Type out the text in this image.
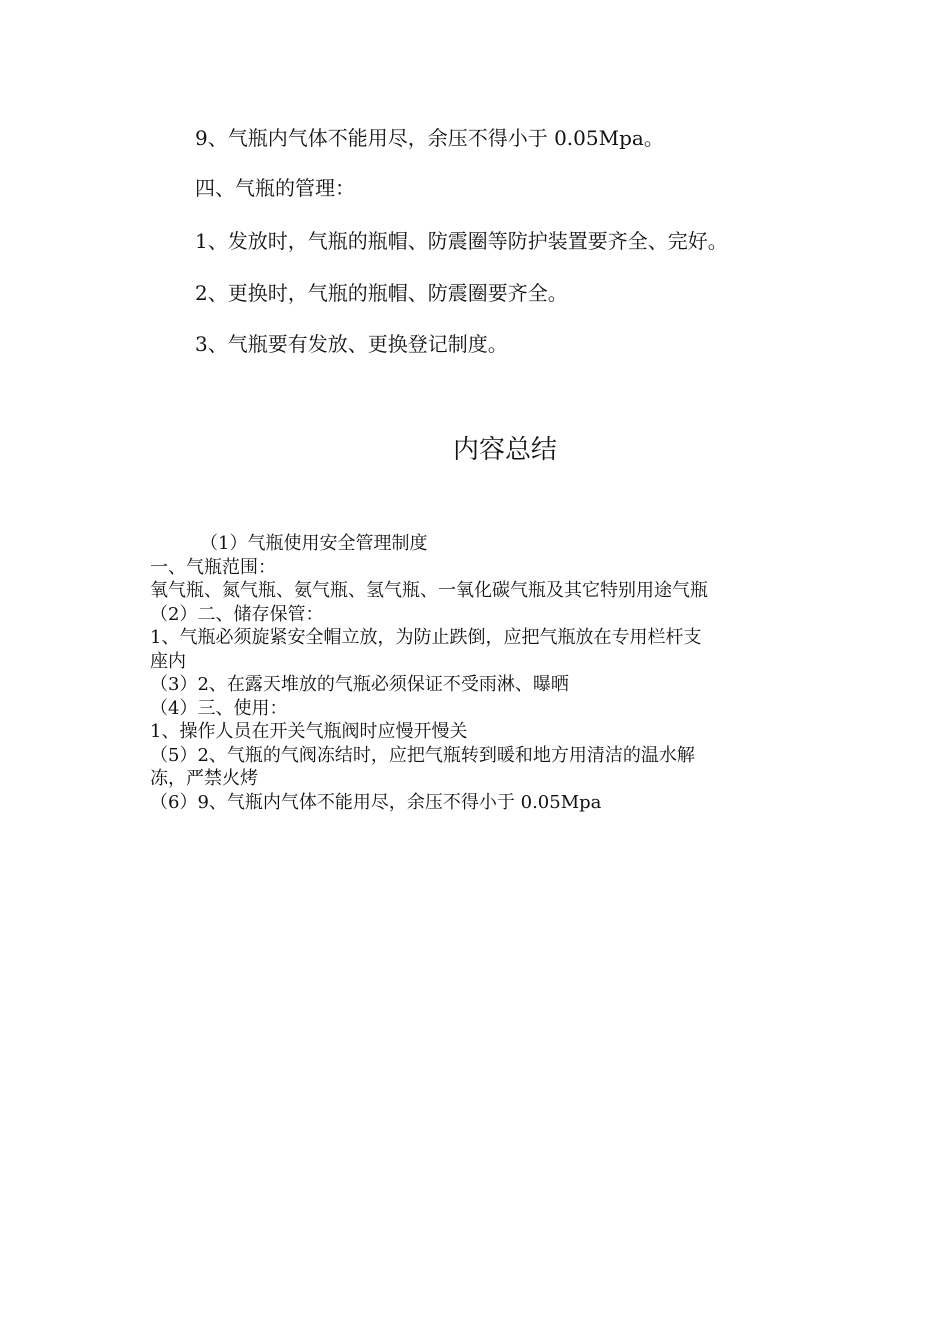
9、气瓶内气体不能用尽，余压不得小于 0.05Mpa。
四、气瓶的管理：
1、发放时，气瓶的瓶帽、防震圈等防护装置要齐全、完好。
2、更换时，气瓶的瓶帽、防震圈要齐全。
3、气瓶要有发放、更换登记制度。
内容总结
（1）气瓶使用安全管理制度
一、气瓶范围：
氧气瓶、氮气瓶、氨气瓶、氢气瓶、一氧化碳气瓶及其它特别用途气瓶
（2）二、储存保管：
1、气瓶必须旋紧安全帽立放，为防止跌倒，应把气瓶放在专用栏杆支
座内
（3）2、在露天堆放的气瓶必须保证不受雨淋、曝晒
（4）三、使用：
1、操作人员在开关气瓶阀时应慢开慢关
（5）2、气瓶的气阀冻结时，应把气瓶转到暖和地方用清洁的温水解
冻，严禁火烤
（6）9、气瓶内气体不能用尽，余压不得小于 0.05Mpa
